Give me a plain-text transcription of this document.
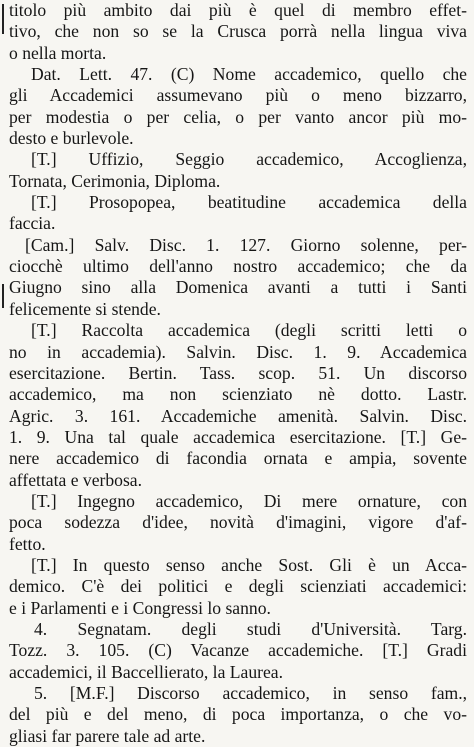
titolo più ambito dai più è quel di membro effet-
tivo, che non so se la Crusca porrà nella lingua viva
o nella morta.
Dat. Lett. 47. (C) Nome accademico, quello che
gli Accademici assumevano più o meno bizzarro,
per modestia o per celia, o per vanto ancor più mo-
desto e burlevole.
[T.] Uffizio, Seggio accademico, Accoglienza,
Tornata, Cerimonia, Diploma.
[T.] Prosopopea, beatitudine accademica della
faccia.
[Cam.] Salv. Disc. 1. 127. Giorno solenne, per-
ciocchè ultimo dell'anno nostro accademico; che da
Giugno sino alla Domenica avanti a tutti i Santi
felicemente si stende.
[T.] Raccolta accademica (degli scritti letti o
no in accademia). Salvin. Disc. 1. 9. Accademica
esercitazione. Bertin. Tass. scop. 51. Un discorso
accademico, ma non scienziato nè dotto. Lastr.
Agric. 3. 161. Accademiche amenità. Salvin. Disc.
1. 9. Una tal quale accademica esercitazione. [T.] Ge-
nere accademico di facondia ornata e ampia, sovente
affettata e verbosa.
[T.] Ingegno accademico, Di mere ornature, con
poca sodezza d'idee, novità d'imagini, vigore d'af-
fetto.
[T.] In questo senso anche Sost. Gli è un Acca-
demico. C'è dei politici e degli scienziati accademici:
e i Parlamenti e i Congressi lo sanno.
4. Segnatam. degli studi d'Università. Targ.
Tozz. 3. 105. (C) Vacanze accademiche. [T.] Gradi
accademici, il Baccellierato, la Laurea.
5. [M.F.] Discorso accademico, in senso fam.,
del più e del meno, di poca importanza, o che vo-
gliasi far parere tale ad arte.
